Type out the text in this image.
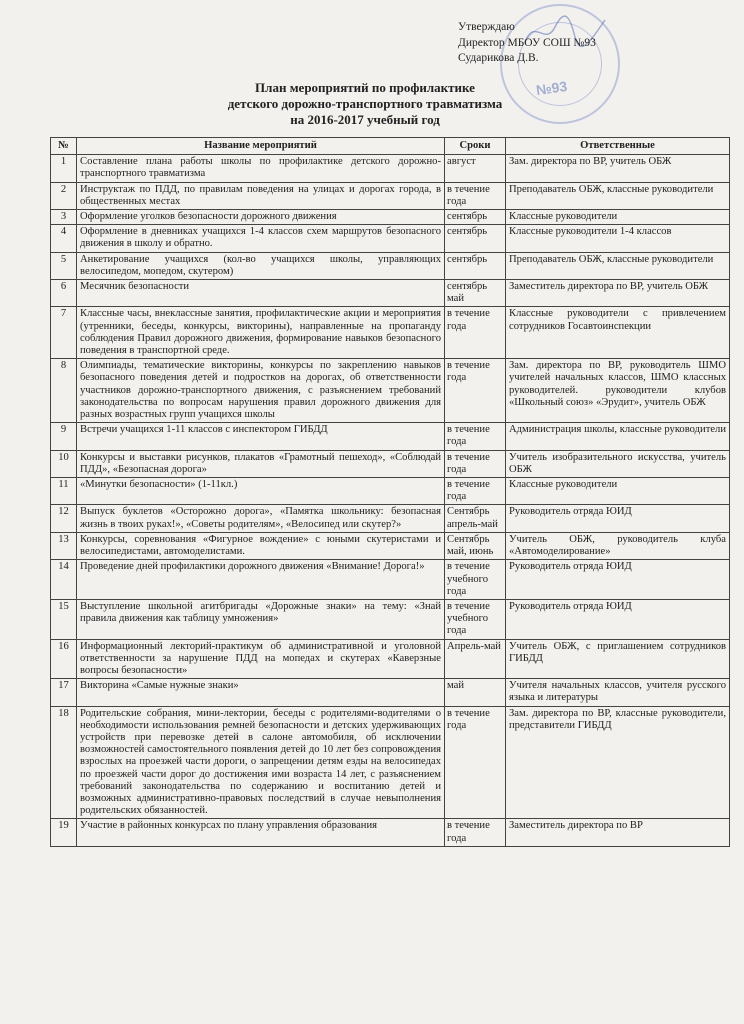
№93
Утверждаю
Директор МБОУ СОШ №93
Сударикова Д.В.
План мероприятий по профилактике
детского дорожно-транспортного травматизма
на 2016-2017 учебный год
№	Название мероприятий	Сроки	Ответственные
1	Составление плана работы школы по профилактике детского дорожно-транспортного травматизма	август	Зам. директора по ВР, учитель ОБЖ
2	Инструктаж по ПДД, по правилам поведения на улицах и дорогах города, в общественных местах	в течение года	Преподаватель ОБЖ, классные руководители
3	Оформление уголков безопасности дорожного движения	сентябрь	Классные руководители
4	Оформление в дневниках учащихся 1-4 классов схем маршрутов безопасного движения в школу и обратно.	сентябрь	Классные руководители 1-4 классов
5	Анкетирование учащихся (кол-во учащихся школы, управляющих велосипедом, мопедом, скутером)	сентябрь	Преподаватель ОБЖ, классные руководители
6	Месячник безопасности	сентябрь май	Заместитель директора по ВР, учитель ОБЖ
7	Классные часы, внеклассные занятия, профилактические акции и мероприятия (утренники, беседы, конкурсы, викторины), направленные на пропаганду соблюдения Правил дорожного движения, формирование навыков безопасного поведения в транспортной среде.	в течение года	Классные руководители с привлечением сотрудников Госавтоинспекции
8	Олимпиады, тематические викторины, конкурсы по закреплению навыков безопасного поведения детей и подростков на дорогах, об ответственности участников дорожно-транспортного движения, с разъяснением требований законодательства по вопросам нарушения правил дорожного движения для разных возрастных групп учащихся школы	в течение года	Зам. директора по ВР, руководитель ШМО учителей начальных классов, ШМО классных руководителей. руководители клубов «Школьный союз» «Эрудит», учитель ОБЖ
9	Встречи учащихся 1-11 классов с инспектором ГИБДД	в течение года	Администрация школы, классные руководители
10	Конкурсы и выставки рисунков, плакатов «Грамотный пешеход», «Соблюдай ПДД», «Безопасная дорога»	в течение года	Учитель изобразительного искусства, учитель ОБЖ
11	«Минутки безопасности» (1-11кл.)	в течение года	Классные руководители
12	Выпуск буклетов «Осторожно дорога», «Памятка школьнику: безопасная жизнь в твоих руках!», «Советы родителям», «Велосипед или скутер?»	Сентябрь апрель-май	Руководитель отряда ЮИД
13	Конкурсы, соревнования «Фигурное вождение» с юными скутеристами и велосипедистами, автомоделистами.	Сентябрь май, июнь	Учитель ОБЖ, руководитель клуба «Автомоделирование»
14	Проведение дней профилактики дорожного движения «Внимание! Дорога!»	в течение учебного года	Руководитель отряда ЮИД
15	Выступление школьной агитбригады «Дорожные знаки» на тему: «Знай правила движения как таблицу умножения»	в течение учебного года	Руководитель отряда ЮИД
16	Информационный лекторий-практикум об административной и уголовной ответственности за нарушение ПДД на мопедах и скутерах «Каверзные вопросы безопасности»	Апрель-май	Учитель ОБЖ, с приглашением сотрудников ГИБДД
17	Викторина «Самые нужные знаки»	май	Учителя начальных классов, учителя русского языка и литературы
18	Родительские собрания, мини-лектории, беседы с родителями-водителями о необходимости использования ремней безопасности и детских удерживающих устройств при перевозке детей в салоне автомобиля, об исключении возможностей самостоятельного появления детей до 10 лет без сопровождения взрослых на проезжей части дороги, о запрещении детям езды на велосипедах по проезжей части дорог до достижения ими возраста 14 лет, с разъяснением требований законодательства по содержанию и воспитанию детей и возможных административно-правовых последствий в случае невыполнения родительских обязанностей.	в течение года	Зам. директора по ВР, классные руководители, представители ГИБДД
19	Участие в районных конкурсах по плану управления образования	в течение года	Заместитель директора по ВР
